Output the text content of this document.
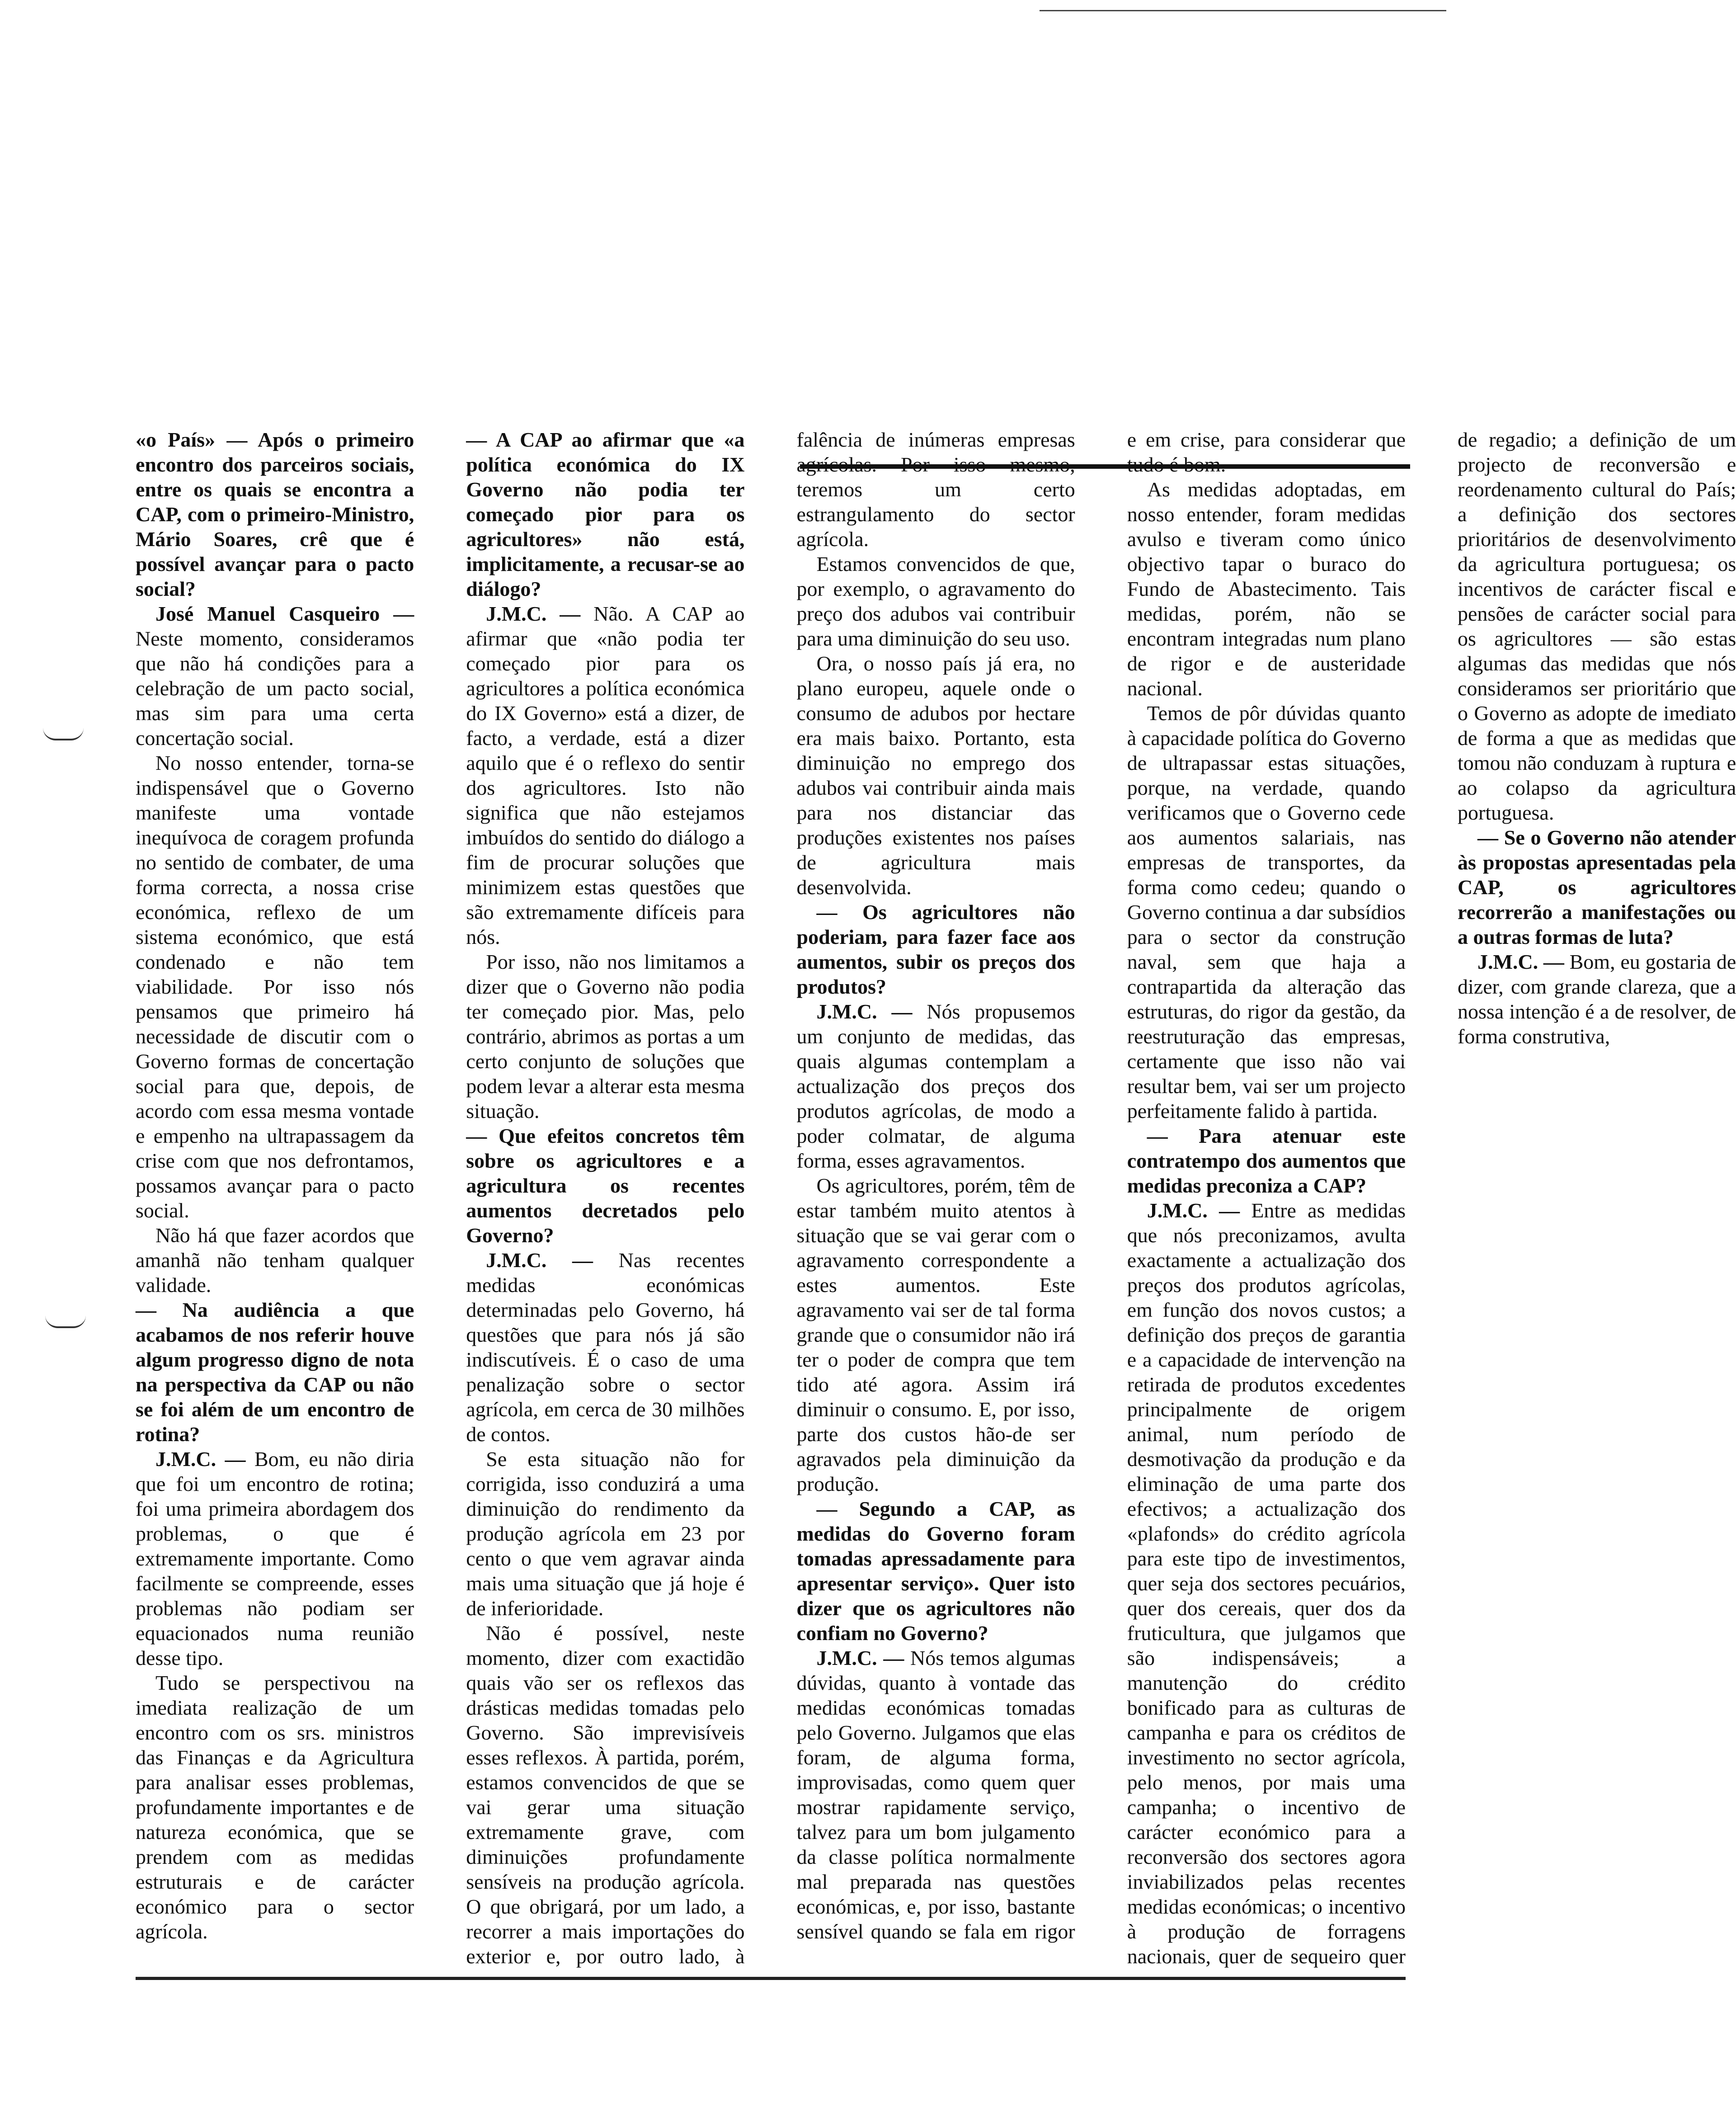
«o País» — Após o primeiro encontro dos parceiros sociais, entre os quais se encontra a CAP, com o primeiro-Ministro, Mário Soares, crê que é possível avançar para o pacto social?

José Manuel Casqueiro — Neste momento, consideramos que não há condições para a celebração de um pacto social, mas sim para uma certa concertação social.

No nosso entender, torna-se indispensável que o Governo manifeste uma vontade inequívoca de coragem profunda no sentido de combater, de uma forma correcta, a nossa crise económica, reflexo de um sistema económico, que está condenado e não tem viabilidade. Por isso nós pensamos que primeiro há necessidade de discutir com o Governo formas de concertação social para que, depois, de acordo com essa mesma vontade e empenho na ultrapassagem da crise com que nos defrontamos, possamos avançar para o pacto social.

Não há que fazer acordos que amanhã não tenham qualquer validade.

— Na audiência a que acabamos de nos referir houve algum progresso digno de nota na perspectiva da CAP ou não se foi além de um encontro de rotina?

J.M.C. — Bom, eu não diria que foi um encontro de rotina; foi uma primeira abordagem dos problemas, o que é extremamente importante. Como facilmente se compreende, esses problemas não podiam ser equacionados numa reunião desse tipo.

Tudo se perspectivou na imediata realização de um encontro com os srs. ministros das Finanças e da Agricultura para analisar esses problemas, profundamente importantes e de natureza económica, que se prendem com as medidas estruturais e de carácter económico para o sector agrícola.

— A CAP ao afirmar que «a política económica do IX Governo não podia ter começado pior para os agricultores» não está, implicitamente, a recusar-se ao diálogo?

J.M.C. — Não. A CAP ao afirmar que «não podia ter começado pior para os agricultores a política económica do IX Governo» está a dizer, de facto, a verdade, está a dizer aquilo que é o reflexo do sentir dos agricultores. Isto não significa que não estejamos imbuídos do sentido do diálogo a fim de procurar soluções que minimizem estas questões que são extremamente difíceis para nós.

Por isso, não nos limitamos a dizer que o Governo não podia ter começado pior. Mas, pelo contrário, abrimos as portas a um certo conjunto de soluções que podem levar a alterar esta mesma situação.

— Que efeitos concretos têm sobre os agricultores e a agricultura os recentes aumentos decretados pelo Governo?

J.M.C. — Nas recentes medidas económicas determinadas pelo Governo, há questões que para nós já são indiscutíveis. É o caso de uma penalização sobre o sector agrícola, em cerca de 30 milhões de contos.

Se esta situação não for corrigida, isso conduzirá a uma diminuição do rendimento da produção agrícola em 23 por cento o que vem agravar ainda mais uma situação que já hoje é de inferioridade.

Não é possível, neste momento, dizer com exactidão quais vão ser os reflexos das drásticas medidas tomadas pelo Governo. São imprevisíveis esses reflexos. À partida, porém, estamos convencidos de que se vai gerar uma situação extremamente grave, com diminuições profundamente sensíveis na produção agrícola. O que obrigará, por um lado, a recorrer a mais importações do exterior e, por outro lado, à falência de inúmeras empresas agrícolas. Por isso mesmo, teremos um certo estrangulamento do sector agrícola.

Estamos convencidos de que, por exemplo, o agravamento do preço dos adubos vai contribuir para uma diminuição do seu uso.

Ora, o nosso país já era, no plano europeu, aquele onde o consumo de adubos por hectare era mais baixo. Portanto, esta diminuição no emprego dos adubos vai contribuir ainda mais para nos distanciar das produções existentes nos países de agricultura mais desenvolvida.

— Os agricultores não poderiam, para fazer face aos aumentos, subir os preços dos produtos?

J.M.C. — Nós propusemos um conjunto de medidas, das quais algumas contemplam a actualização dos preços dos produtos agrícolas, de modo a poder colmatar, de alguma forma, esses agravamentos.

Os agricultores, porém, têm de estar também muito atentos à situação que se vai gerar com o agravamento correspondente a estes aumentos. Este agravamento vai ser de tal forma grande que o consumidor não irá ter o poder de compra que tem tido até agora. Assim irá diminuir o consumo. E, por isso, parte dos custos hão-de ser agravados pela diminuição da produção.

— Segundo a CAP, as medidas do Governo foram tomadas apressadamente para apresentar serviço». Quer isto dizer que os agricultores não confiam no Governo?

J.M.C. — Nós temos algumas dúvidas, quanto à vontade das medidas económicas tomadas pelo Governo. Julgamos que elas foram, de alguma forma, improvisadas, como quem quer mostrar rapidamente serviço, talvez para um bom julgamento da classe política normalmente mal preparada nas questões económicas, e, por isso, bastante sensível quando se fala em rigor e em crise, para considerar que tudo é bom.

As medidas adoptadas, em nosso entender, foram medidas avulso e tiveram como único objectivo tapar o buraco do Fundo de Abastecimento. Tais medidas, porém, não se encontram integradas num plano de rigor e de austeridade nacional.

Temos de pôr dúvidas quanto à capacidade política do Governo de ultrapassar estas situações, porque, na verdade, quando verificamos que o Governo cede aos aumentos salariais, nas empresas de transportes, da forma como cedeu; quando o Governo continua a dar subsídios para o sector da construção naval, sem que haja a contrapartida da alteração das estruturas, do rigor da gestão, da reestruturação das empresas, certamente que isso não vai resultar bem, vai ser um projecto perfeitamente falido à partida.

— Para atenuar este contratempo dos aumentos que medidas preconiza a CAP?

J.M.C. — Entre as medidas que nós preconizamos, avulta exactamente a actualização dos preços dos produtos agrícolas, em função dos novos custos; a definição dos preços de garantia e a capacidade de intervenção na retirada de produtos excedentes principalmente de origem animal, num período de desmotivação da produção e da eliminação de uma parte dos efectivos; a actualização dos «plafonds» do crédito agrícola para este tipo de investimentos, quer seja dos sectores pecuários, quer dos cereais, quer dos da fruticultura, que julgamos que são indispensáveis; a manutenção do crédito bonificado para as culturas de campanha e para os créditos de investimento no sector agrícola, pelo menos, por mais uma campanha; o incentivo de carácter económico para a reconversão dos sectores agora inviabilizados pelas recentes medidas económicas; o incentivo à produção de forragens nacionais, quer de sequeiro quer de regadio; a definição de um projecto de reconversão e reordenamento cultural do País; a definição dos sectores prioritários de desenvolvimento da agricultura portuguesa; os incentivos de carácter fiscal e pensões de carácter social para os agricultores — são estas algumas das medidas que nós consideramos ser prioritário que o Governo as adopte de imediato de forma a que as medidas que tomou não conduzam à ruptura e ao colapso da agricultura portuguesa.

— Se o Governo não atender às propostas apresentadas pela CAP, os agricultores recorrerão a manifestações ou a outras formas de luta?

J.M.C. — Bom, eu gostaria de dizer, com grande clareza, que a nossa intenção é a de resolver, de forma construtiva,
